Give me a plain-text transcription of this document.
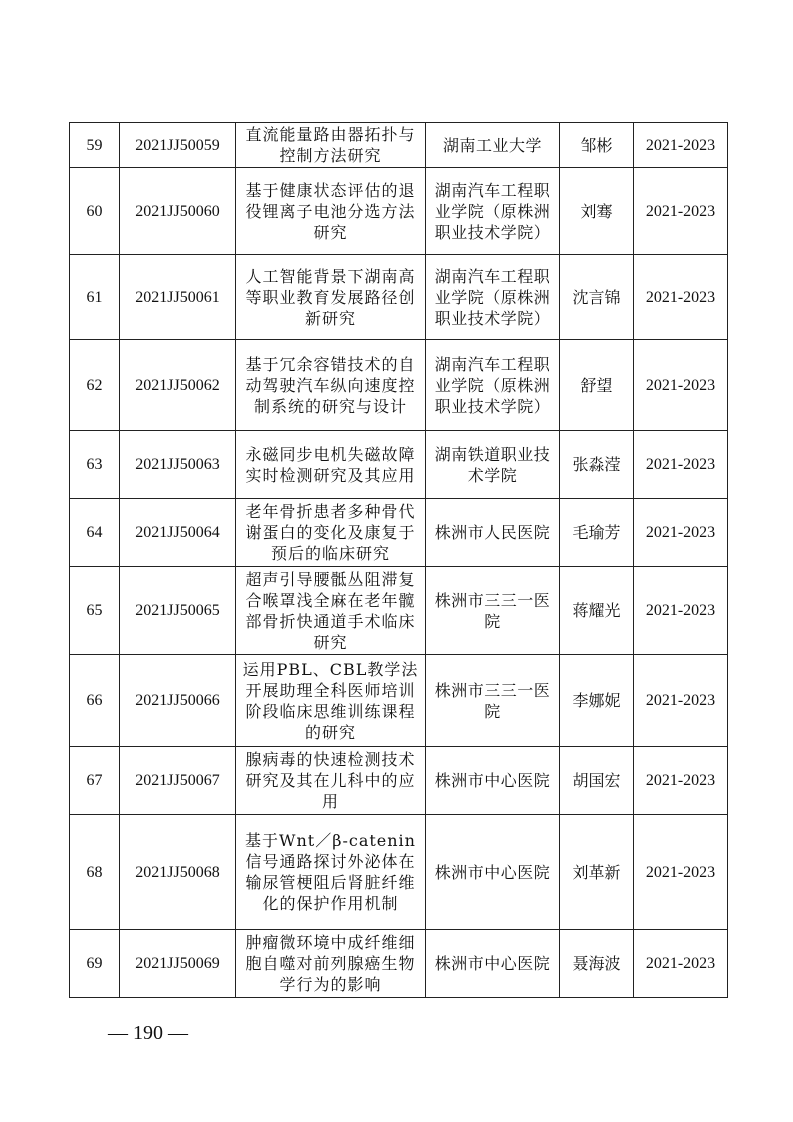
59	2021JJ50059	直流能量路由器拓扑与控制方法研究	湖南工业大学	邹彬	2021-2023
60	2021JJ50060	基于健康状态评估的退役锂离子电池分选方法研究	湖南汽车工程职业学院（原株洲职业技术学院）	刘骞	2021-2023
61	2021JJ50061	人工智能背景下湖南高等职业教育发展路径创新研究	湖南汽车工程职业学院（原株洲职业技术学院）	沈言锦	2021-2023
62	2021JJ50062	基于冗余容错技术的自动驾驶汽车纵向速度控制系统的研究与设计	湖南汽车工程职业学院（原株洲职业技术学院）	舒望	2021-2023
63	2021JJ50063	永磁同步电机失磁故障实时检测研究及其应用	湖南铁道职业技术学院	张淼滢	2021-2023
64	2021JJ50064	老年骨折患者多种骨代谢蛋白的变化及康复于预后的临床研究	株洲市人民医院	毛瑜芳	2021-2023
65	2021JJ50065	超声引导腰骶丛阻滞复合喉罩浅全麻在老年髋部骨折快通道手术临床研究	株洲市三三一医院	蒋耀光	2021-2023
66	2021JJ50066	运用PBL、CBL教学法开展助理全科医师培训阶段临床思维训练课程的研究	株洲市三三一医院	李娜妮	2021-2023
67	2021JJ50067	腺病毒的快速检测技术研究及其在儿科中的应用	株洲市中心医院	胡国宏	2021-2023
68	2021JJ50068	基于Wnt／β-catenin信号通路探讨外泌体在输尿管梗阻后肾脏纤维化的保护作用机制	株洲市中心医院	刘革新	2021-2023
69	2021JJ50069	肿瘤微环境中成纤维细胞自噬对前列腺癌生物学行为的影响	株洲市中心医院	聂海波	2021-2023
— 190 —
